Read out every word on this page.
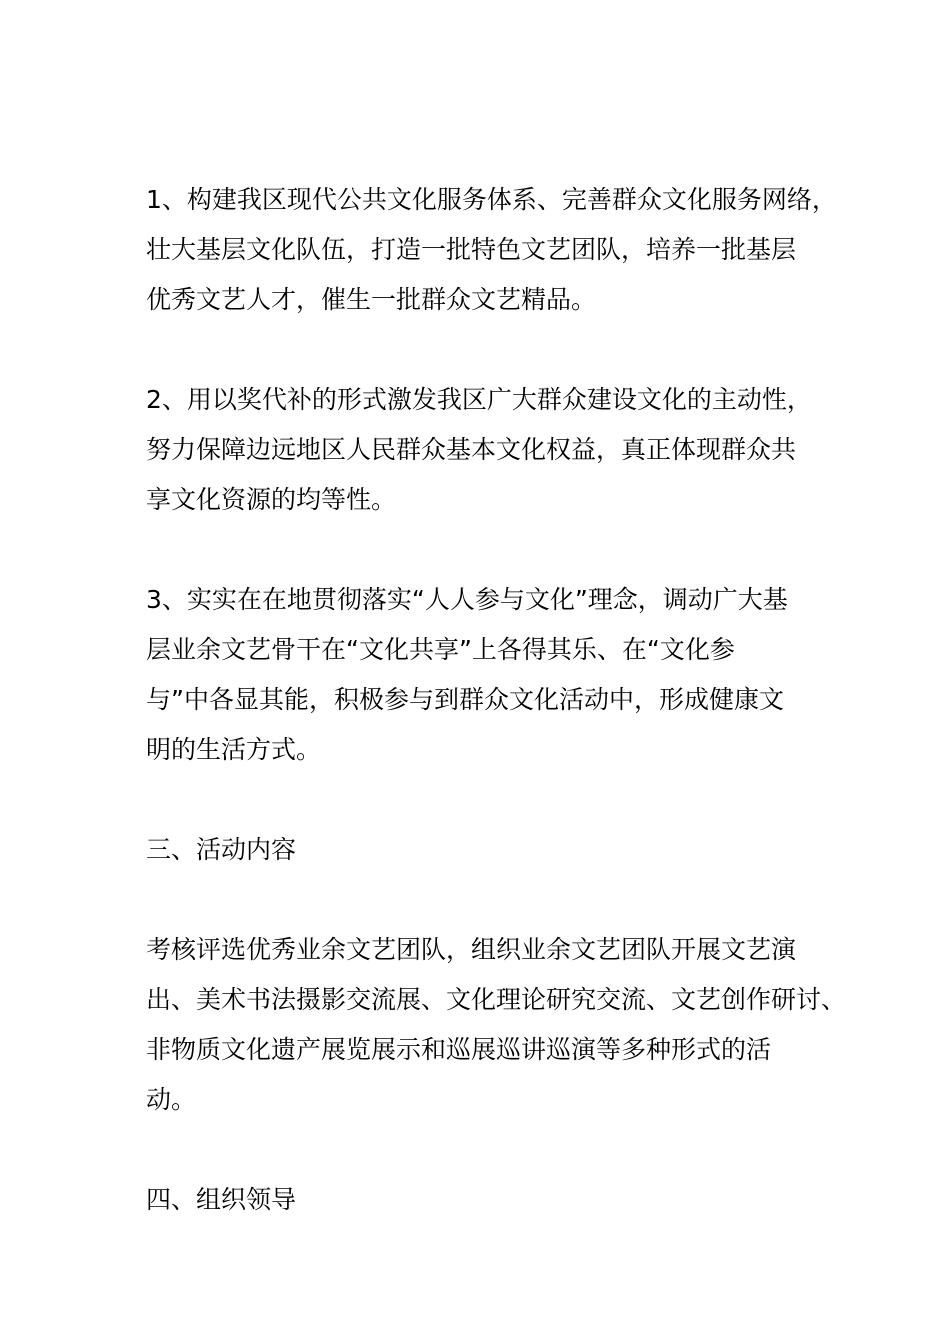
1、构建我区现代公共文化服务体系、完善群众文化服务网络，
壮大基层文化队伍，打造一批特色文艺团队，培养一批基层
优秀文艺人才，催生一批群众文艺精品。
2、用以奖代补的形式激发我区广大群众建设文化的主动性，
努力保障边远地区人民群众基本文化权益，真正体现群众共
享文化资源的均等性。
3、实实在在地贯彻落实“人人参与文化”理念，调动广大基
层业余文艺骨干在“文化共享”上各得其乐、在“文化参
与”中各显其能，积极参与到群众文化活动中，形成健康文
明的生活方式。
三、活动内容
考核评选优秀业余文艺团队，组织业余文艺团队开展文艺演
出、美术书法摄影交流展、文化理论研究交流、文艺创作研讨、
非物质文化遗产展览展示和巡展巡讲巡演等多种形式的活
动。
四、组织领导
